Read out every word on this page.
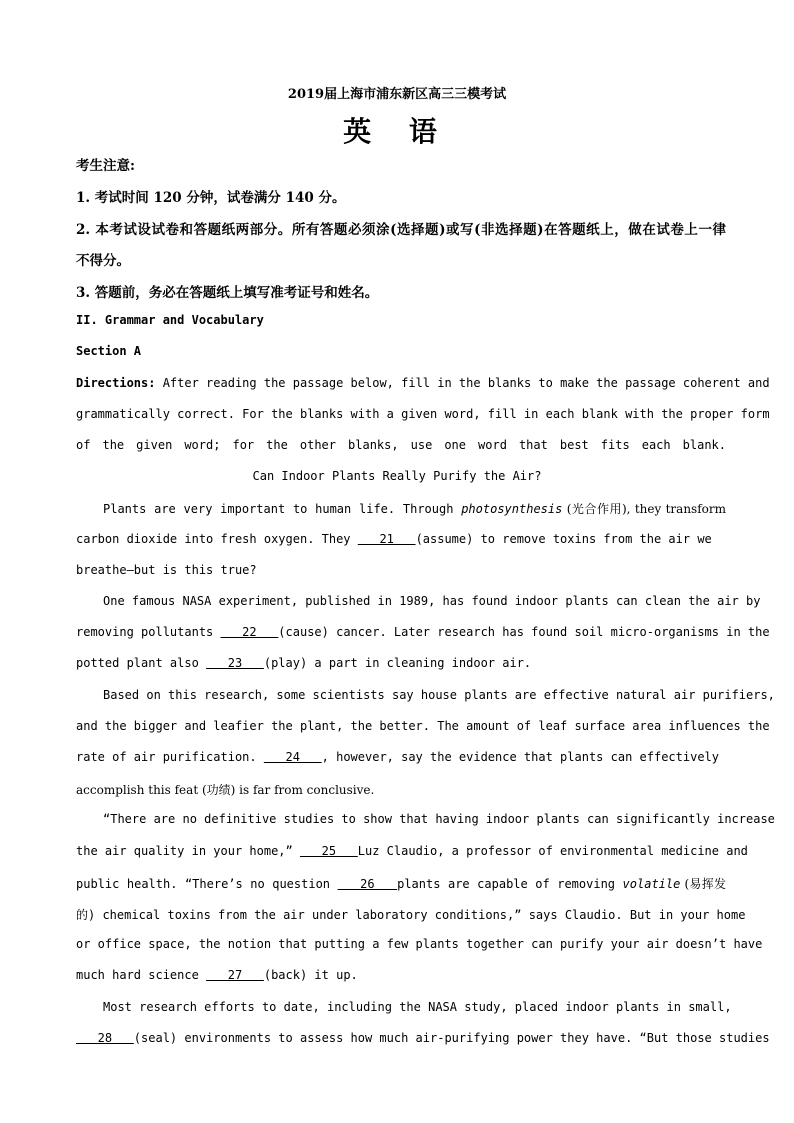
2019届上海市浦东新区高三三模考试
英 语
考生注意:
1. 考试时间 120 分钟，试卷满分 140 分。
2. 本考试设试卷和答题纸两部分。所有答题必须涂(选择题)或写(非选择题)在答题纸上，做在试卷上一律
不得分。
3. 答题前，务必在答题纸上填写准考证号和姓名。
II. Grammar and Vocabulary
Section A
Directions: After reading the passage below, fill in the blanks to make the passage coherent and
grammatically correct. For the blanks with a given word, fill in each blank with the proper form
of the given word; for the other blanks, use one word that best fits each blank.
Can Indoor Plants Really Purify the Air?
Plants are very important to human life. Through photosynthesis (光合作用), they transform
carbon dioxide into fresh oxygen. They    21   (assume) to remove toxins from the air we
breathe—but is this true?
One famous NASA experiment, published in 1989, has found indoor plants can clean the air by
removing pollutants    22   (cause) cancer. Later research has found soil micro-organisms in the
potted plant also    23   (play) a part in cleaning indoor air.
Based on this research, some scientists say house plants are effective natural air purifiers,
and the bigger and leafier the plant, the better. The amount of leaf surface area influences the
rate of air purification.    24   , however, say the evidence that plants can effectively
accomplish this feat (功绩) is far from conclusive.
“There are no definitive studies to show that having indoor plants can significantly increase
the air quality in your home,”    25   Luz Claudio, a professor of environmental medicine and
public health. “There’s no question    26   plants are capable of removing volatile (易挥发
的) chemical toxins from the air under laboratory conditions,” says Claudio. But in your home
or office space, the notion that putting a few plants together can purify your air doesn’t have
much hard science    27   (back) it up.
Most research efforts to date, including the NASA study, placed indoor plants in small,
28   (seal) environments to assess how much air-purifying power they have. “But those studies
